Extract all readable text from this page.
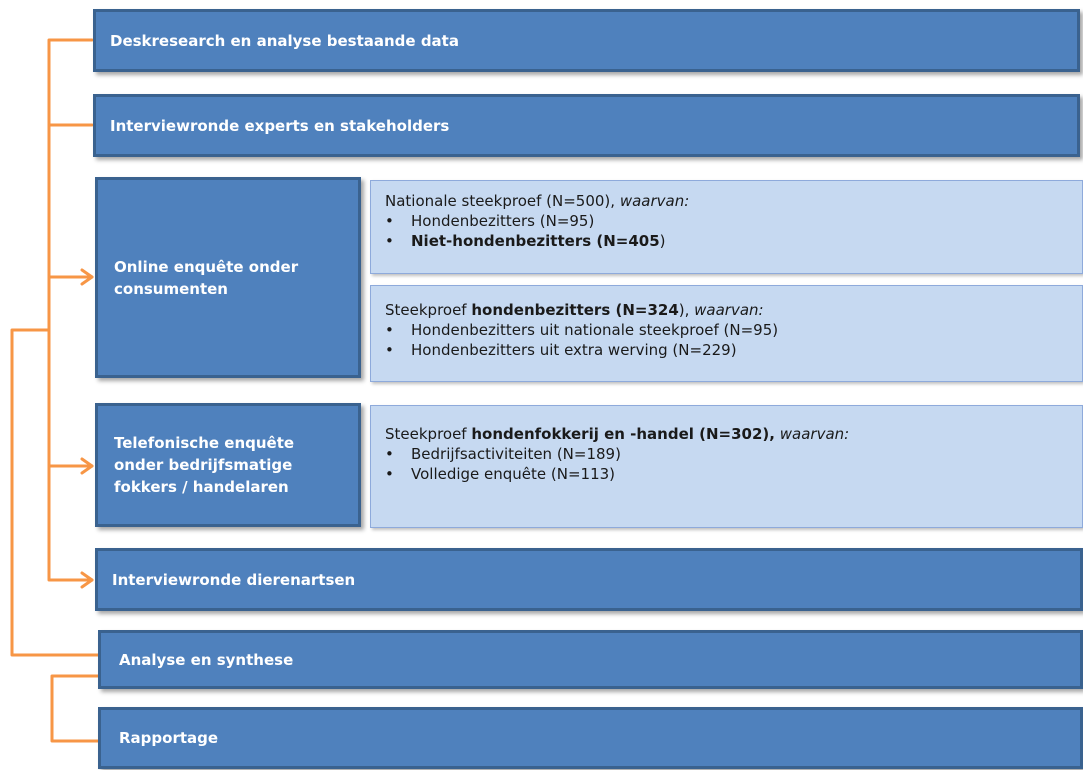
Deskresearch en analyse bestaande data
Interviewronde experts en stakeholders
Online enquête onder consumenten
Nationale steekproef (N=500), waarvan:
• Hondenbezitters (N=95)
• Niet-hondenbezitters (N=405)
Steekproef hondenbezitters (N=324), waarvan:
• Hondenbezitters uit nationale steekproef (N=95)
• Hondenbezitters uit extra werving (N=229)
Telefonische enquête onder bedrijfsmatige fokkers / handelaren
Steekproef hondenfokkerij en -handel (N=302), waarvan:
• Bedrijfsactiviteiten (N=189)
• Volledige enquête (N=113)
Interviewronde dierenartsen
Analyse en synthese
Rapportage
